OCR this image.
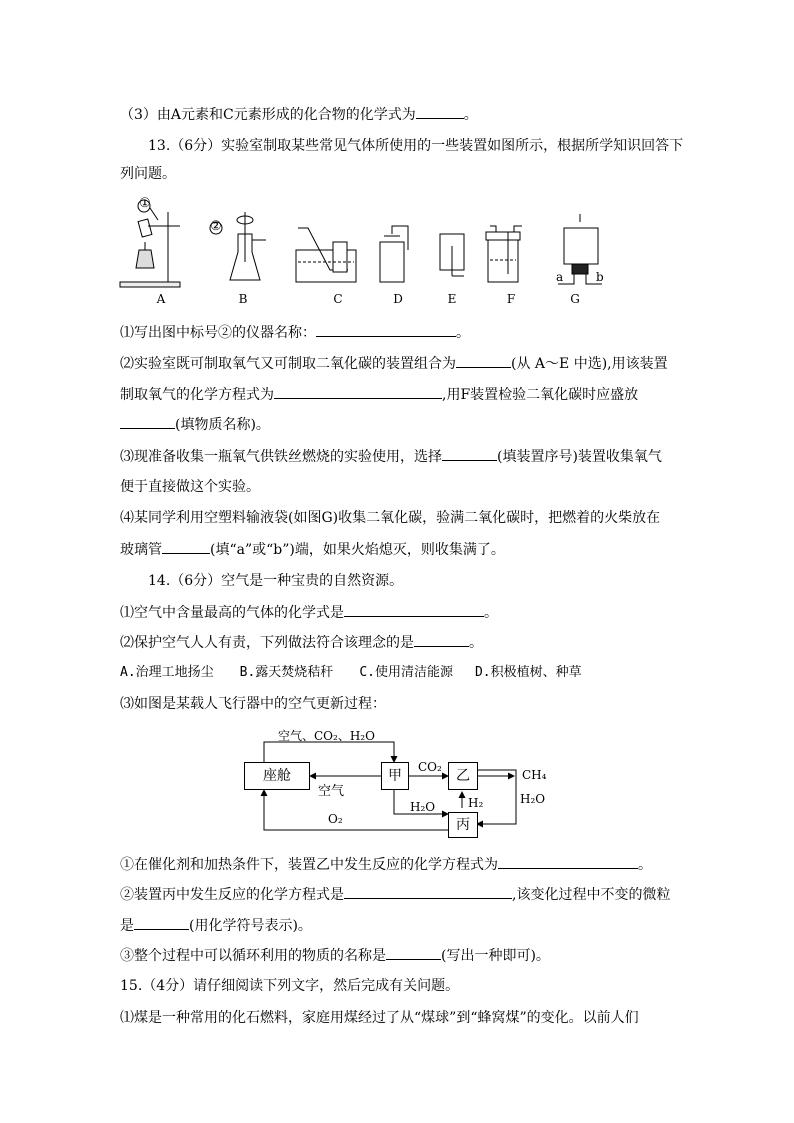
（3）由A元素和C元素形成的化合物的化学式为	。
13.（6分）实验室制取某些常见气体所使用的一些装置如图所示，根据所学知识回答下
列问题。
①
②
a	b
A	B	C	D	E	F	G
⑴写出图中标号②的仪器名称：	。
⑵实验室既可制取氧气又可制取二氧化碳的装置组合为	(从 A～E 中选),用该装置
制取氧气的化学方程式为	,用F装置检验二氧化碳时应盛放
(填物质名称)。
⑶现准备收集一瓶氧气供铁丝燃烧的实验使用，选择	(填装置序号)装置收集氧气
便于直接做这个实验。
⑷某同学利用空塑料输液袋(如图G)收集二氧化碳，验满二氧化碳时，把燃着的火柴放在
玻璃管	(填“a”或“b”)端，如果火焰熄灭，则收集满了。
14.（6分）空气是一种宝贵的自然资源。
⑴空气中含量最高的气体的化学式是	。
⑵保护空气人人有责，下列做法符合该理念的是	。
A.治理工地扬尘 B.露天焚烧秸秆 C.使用清洁能源 D.积极植树、种草
⑶如图是某载人飞行器中的空气更新过程：
座舱	甲	乙
丙
空气、CO₂、H₂O
CO₂
空气
CH₄
H₂O	H₂	H₂O
O₂
①在催化剂和加热条件下，装置乙中发生反应的化学方程式为	。
②装置丙中发生反应的化学方程式是	,该变化过程中不变的微粒
是	(用化学符号表示)。
③整个过程中可以循环利用的物质的名称是	(写出一种即可)。
15.（4分）请仔细阅读下列文字，然后完成有关问题。
⑴煤是一种常用的化石燃料，家庭用煤经过了从“煤球”到“蜂窝煤”的变化。以前人们
